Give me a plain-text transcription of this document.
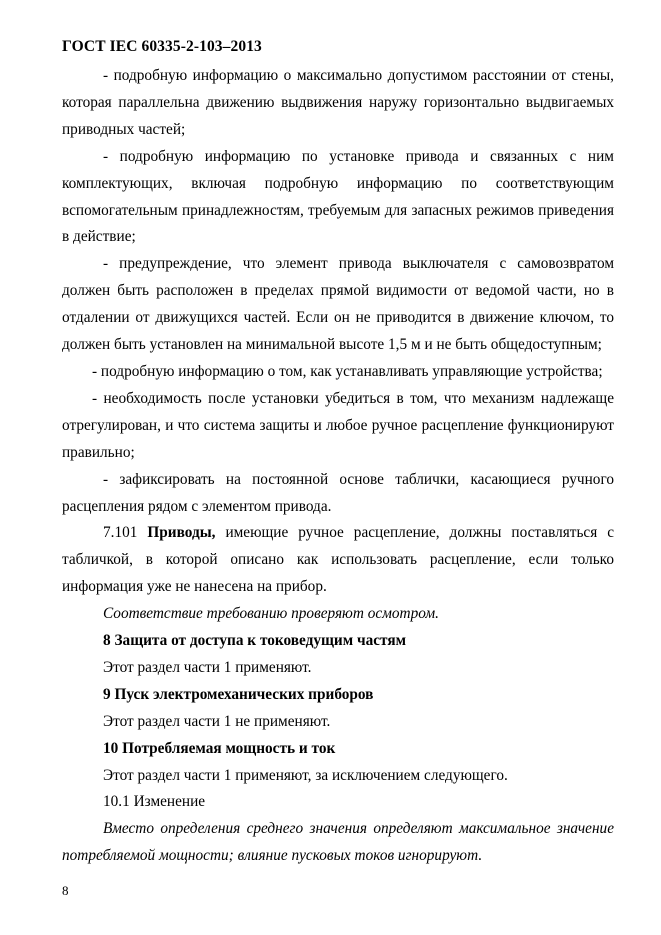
ГОСТ IEC 60335-2-103–2013

- подробную информацию о максимально допустимом расстоянии от стены, которая параллельна движению выдвижения наружу горизонтально выдвигаемых приводных частей;

- подробную информацию по установке привода и связанных с ним комплектующих, включая подробную информацию по соответствующим вспомогательным принадлежностям, требуемым для запасных режимов приведения в действие;

- предупреждение, что элемент привода выключателя с самовозвратом должен быть расположен в пределах прямой видимости от ведомой части, но в отдалении от движущихся частей. Если он не приводится в движение ключом, то должен быть установлен на минимальной высоте 1,5 м и не быть общедоступным;

- подробную информацию о том, как устанавливать управляющие устройства;

- необходимость после установки убедиться в том, что механизм надлежаще отрегулирован, и что система защиты и любое ручное расцепление функционируют правильно;

- зафиксировать на постоянной основе таблички, касающиеся ручного расцепления рядом с элементом привода.

7.101 Приводы, имеющие ручное расцепление, должны поставляться с табличкой, в которой описано как использовать расцепление, если только информация уже не нанесена на прибор.

Соответствие требованию проверяют осмотром.

8 Защита от доступа к токоведущим частям

Этот раздел части 1 применяют.

9 Пуск электромеханических приборов

Этот раздел части 1 не применяют.

10 Потребляемая мощность и ток

Этот раздел части 1 применяют, за исключением следующего.

10.1 Изменение

Вместо определения среднего значения определяют максимальное значение потребляемой мощности; влияние пусковых токов игнорируют.

8
